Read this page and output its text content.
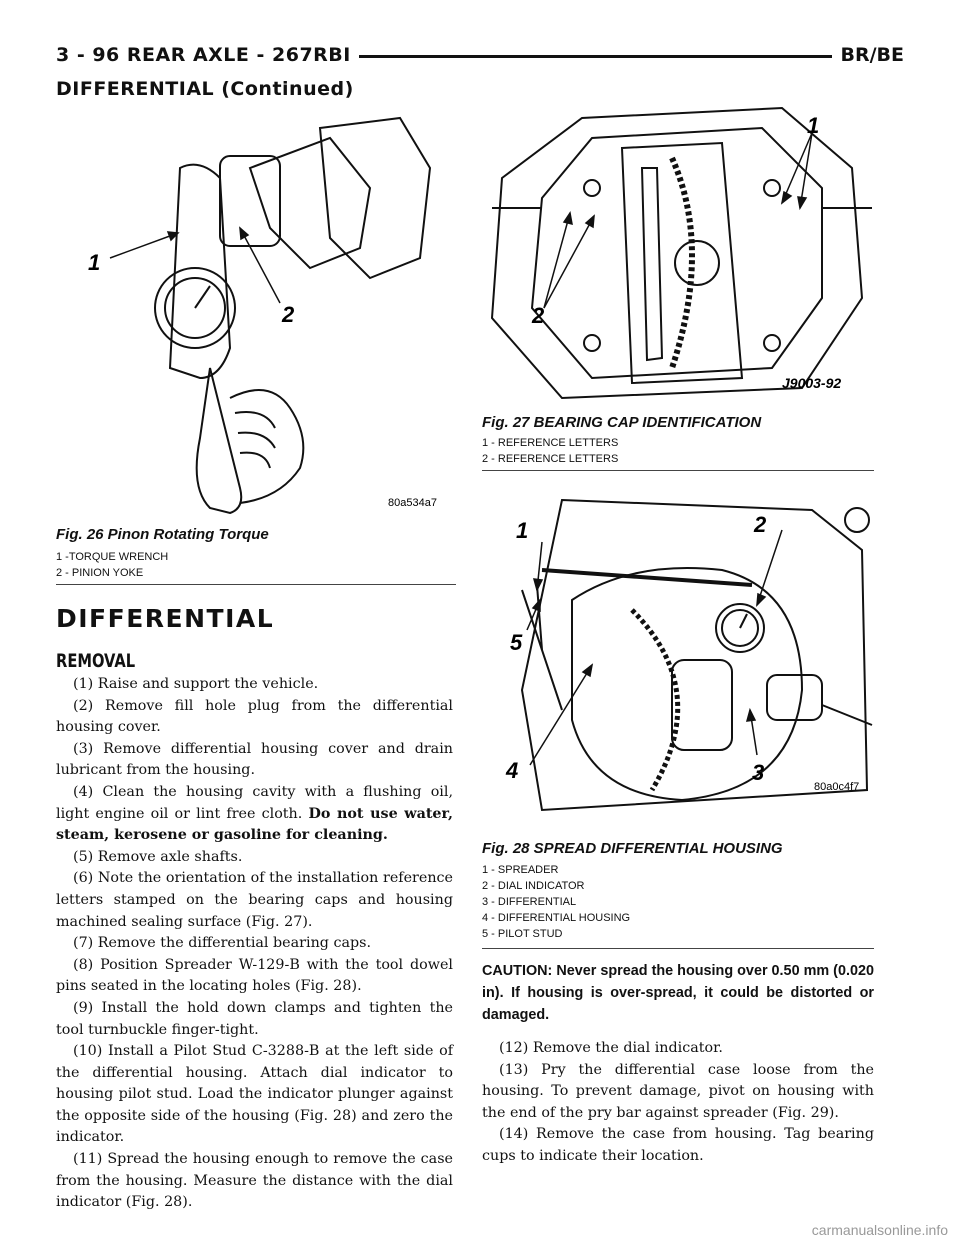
3 - 96 REAR AXLE - 267RBI	BR/BE
DIFFERENTIAL (Continued)
1
2
80a534a7
Fig. 26 Pinon Rotating Torque
1 -TORQUE WRENCH
2 - PINION YOKE
1
2
J9003-92
Fig. 27 BEARING CAP IDENTIFICATION
1 - REFERENCE LETTERS
2 - REFERENCE LETTERS
1	2
3
4
5
80a0c4f7
Fig. 28 SPREAD DIFFERENTIAL HOUSING
1 - SPREADER
2 - DIAL INDICATOR
3 - DIFFERENTIAL
4 - DIFFERENTIAL HOUSING
5 - PILOT STUD
DIFFERENTIAL
REMOVAL

(1) Raise and support the vehicle.

(2) Remove fill hole plug from the differential housing cover.

(3) Remove differential housing cover and drain lubricant from the housing.

(4) Clean the housing cavity with a flushing oil, light engine oil or lint free cloth. Do not use water, steam, kerosene or gasoline for cleaning.

(5) Remove axle shafts.

(6) Note the orientation of the installation reference letters stamped on the bearing caps and housing machined sealing surface (Fig. 27).

(7) Remove the differential bearing caps.

(8) Position Spreader W-129-B with the tool dowel pins seated in the locating holes (Fig. 28).

(9) Install the hold down clamps and tighten the tool turnbuckle finger-tight.

(10) Install a Pilot Stud C-3288-B at the left side of the differential housing. Attach dial indicator to housing pilot stud. Load the indicator plunger against the opposite side of the housing (Fig. 28) and zero the indicator.

(11) Spread the housing enough to remove the case from the housing. Measure the distance with the dial indicator (Fig. 28).

CAUTION: Never spread the housing over 0.50 mm (0.020 in). If housing is over-spread, it could be distorted or damaged.

(12) Remove the dial indicator.

(13) Pry the differential case loose from the housing. To prevent damage, pivot on housing with the end of the pry bar against spreader (Fig. 29).

(14) Remove the case from housing. Tag bearing cups to indicate their location.

carmanualsonline.info
